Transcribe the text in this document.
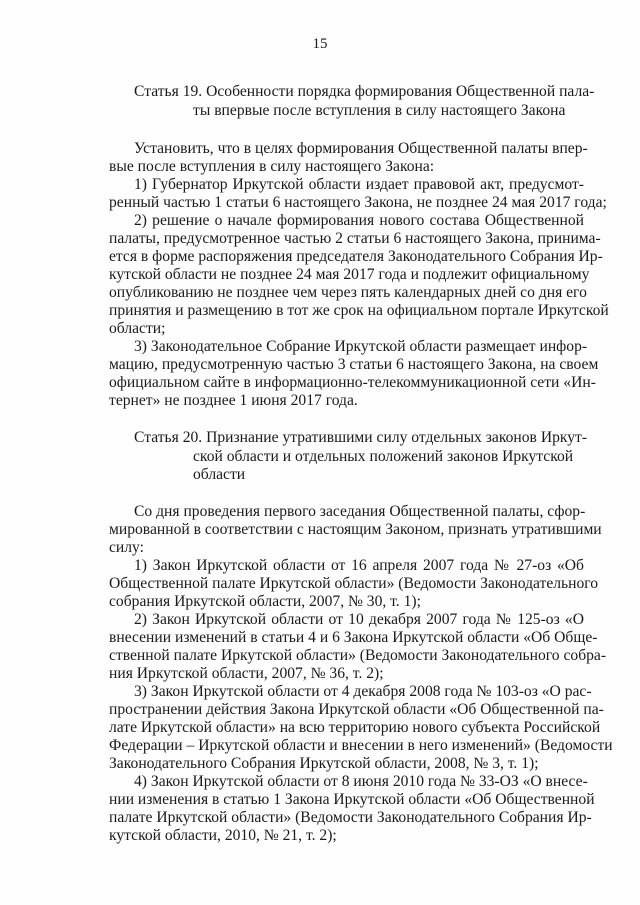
15
Статья 19. Особенности порядка формирования Общественной пала-
ты впервые после вступления в силу настоящего Закона
Установить, что в целях формирования Общественной палаты впер-
вые после вступления в силу настоящего Закона:
1) Губернатор Иркутской области издает правовой акт, предусмот-
ренный частью 1 статьи 6 настоящего Закона, не позднее 24 мая 2017 года;
2) решение о начале формирования нового состава Общественной
палаты, предусмотренное частью 2 статьи 6 настоящего Закона, принима-
ется в форме распоряжения председателя Законодательного Собрания Ир-
кутской области не позднее 24 мая 2017 года и подлежит официальному
опубликованию не позднее чем через пять календарных дней со дня его
принятия и размещению в тот же срок на официальном портале Иркутской
области;
3) Законодательное Собрание Иркутской области размещает инфор-
мацию, предусмотренную частью 3 статьи 6 настоящего Закона, на своем
официальном сайте в информационно-телекоммуникационной сети «Ин-
тернет» не позднее 1 июня 2017 года.
Статья 20. Признание утратившими силу отдельных законов Иркут-
ской области и отдельных положений законов Иркутской
области
Со дня проведения первого заседания Общественной палаты, сфор-
мированной в соответствии с настоящим Законом, признать утратившими
силу:
1) Закон Иркутской области от 16 апреля 2007 года № 27-оз «Об
Общественной палате Иркутской области» (Ведомости Законодательного
собрания Иркутской области, 2007, № 30, т. 1);
2) Закон Иркутской области от 10 декабря 2007 года № 125-оз «О
внесении изменений в статьи 4 и 6 Закона Иркутской области «Об Обще-
ственной палате Иркутской области» (Ведомости Законодательного собра-
ния Иркутской области, 2007, № 36, т. 2);
3) Закон Иркутской области от 4 декабря 2008 года № 103-оз «О рас-
пространении действия Закона Иркутской области «Об Общественной па-
лате Иркутской области» на всю территорию нового субъекта Российской
Федерации – Иркутской области и внесении в него изменений» (Ведомости
Законодательного Собрания Иркутской области, 2008, № 3, т. 1);
4) Закон Иркутской области от 8 июня 2010 года № 33-ОЗ «О внесе-
нии изменения в статью 1 Закона Иркутской области «Об Общественной
палате Иркутской области» (Ведомости Законодательного Собрания Ир-
кутской области, 2010, № 21, т. 2);
